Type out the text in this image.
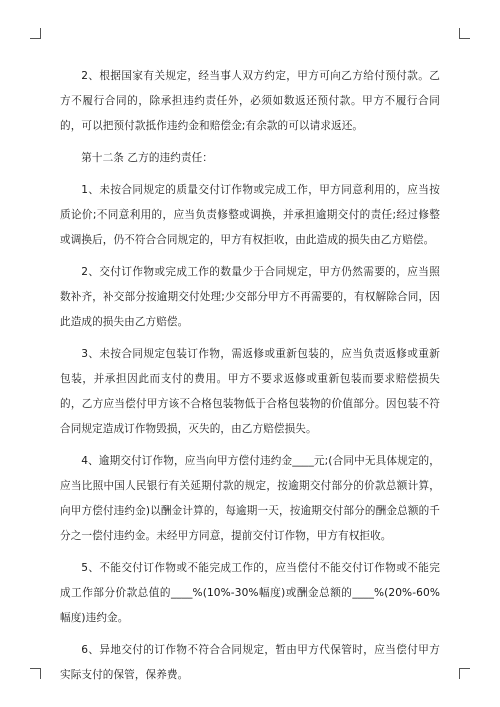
2、根据国家有关规定，经当事人双方约定，甲方可向乙方给付预付款。乙方不履行合同的，除承担违约责任外，必须如数返还预付款。甲方不履行合同的，可以把预付款抵作违约金和赔偿金;有余款的可以请求返还。

第十二条 乙方的违约责任：

1、未按合同规定的质量交付订作物或完成工作，甲方同意利用的，应当按质论价;不同意利用的，应当负责修整或调换，并承担逾期交付的责任;经过修整或调换后，仍不符合合同规定的，甲方有权拒收，由此造成的损失由乙方赔偿。

2、交付订作物或完成工作的数量少于合同规定，甲方仍然需要的，应当照数补齐，补交部分按逾期交付处理;少交部分甲方不再需要的，有权解除合同，因此造成的损失由乙方赔偿。

3、未按合同规定包装订作物，需返修或重新包装的，应当负责返修或重新包装，并承担因此而支付的费用。甲方不要求返修或重新包装而要求赔偿损失的，乙方应当偿付甲方该不合格包装物低于合格包装物的价值部分。因包装不符合同规定造成订作物毁损，灭失的，由乙方赔偿损失。

4、逾期交付订作物，应当向甲方偿付违约金____元;(合同中无具体规定的，应当比照中国人民银行有关延期付款的规定，按逾期交付部分的价款总额计算，向甲方偿付违约金)以酬金计算的，每逾期一天，按逾期交付部分的酬金总额的千分之一偿付违约金。未经甲方同意，提前交付订作物，甲方有权拒收。

5、不能交付订作物或不能完成工作的，应当偿付不能交付订作物或不能完成工作部分价款总值的____%(10%-30%幅度)或酬金总额的____%(20%-60%幅度)违约金。

6、异地交付的订作物不符合合同规定，暂由甲方代保管时，应当偿付甲方实际支付的保管，保养费。
